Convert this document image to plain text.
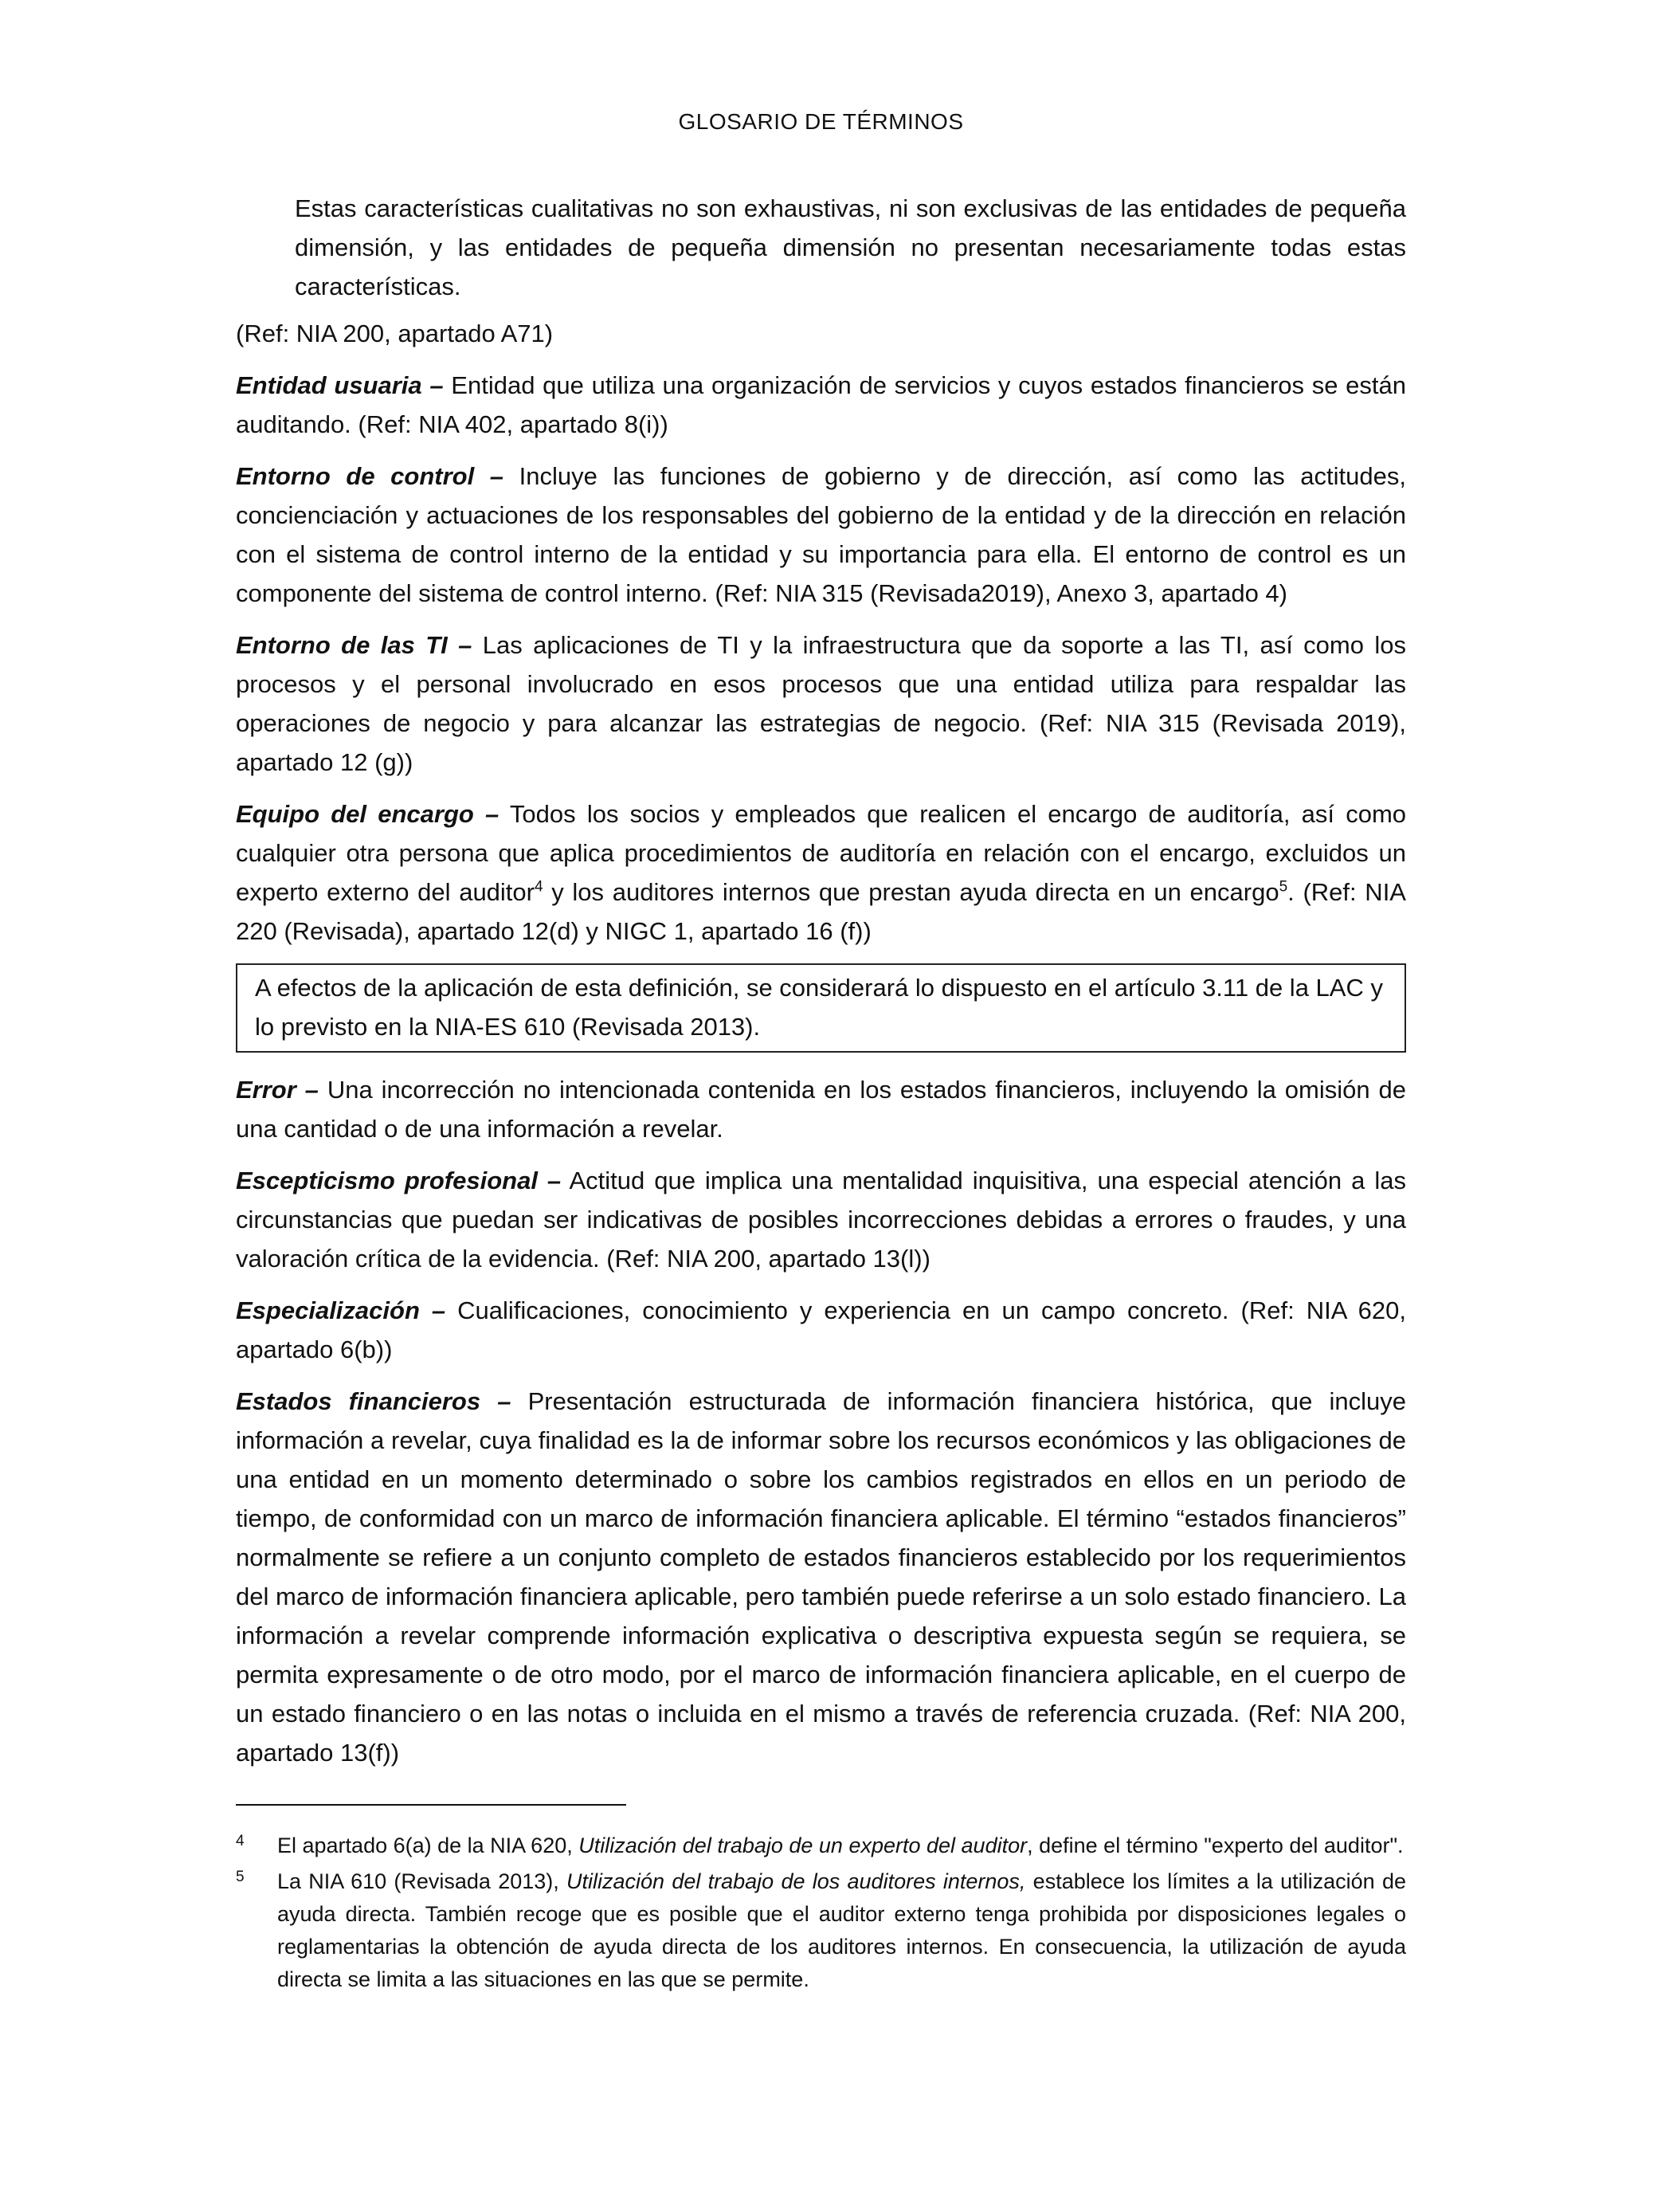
GLOSARIO DE TÉRMINOS

Estas características cualitativas no son exhaustivas, ni son exclusivas de las entidades de pequeña dimensión, y las entidades de pequeña dimensión no presentan necesariamente todas estas características.

(Ref: NIA 200, apartado A71)

Entidad usuaria – Entidad que utiliza una organización de servicios y cuyos estados financieros se están auditando. (Ref: NIA 402, apartado 8(i))

Entorno de control – Incluye las funciones de gobierno y de dirección, así como las actitudes, concienciación y actuaciones de los responsables del gobierno de la entidad y de la dirección en relación con el sistema de control interno de la entidad y su importancia para ella. El entorno de control es un componente del sistema de control interno. (Ref: NIA 315 (Revisada2019), Anexo 3, apartado 4)

Entorno de las TI – Las aplicaciones de TI y la infraestructura que da soporte a las TI, así como los procesos y el personal involucrado en esos procesos que una entidad utiliza para respaldar las operaciones de negocio y para alcanzar las estrategias de negocio. (Ref: NIA 315 (Revisada 2019), apartado 12 (g))

Equipo del encargo – Todos los socios y empleados que realicen el encargo de auditoría, así como cualquier otra persona que aplica procedimientos de auditoría en relación con el encargo, excluidos un experto externo del auditor$^4$ y los auditores internos que prestan ayuda directa en un encargo$^5$. (Ref: NIA 220 (Revisada), apartado 12(d) y NIGC 1, apartado 16 (f))

A efectos de la aplicación de esta definición, se considerará lo dispuesto en el artículo 3.11 de la LAC y lo previsto en la NIA-ES 610 (Revisada 2013).

Error – Una incorrección no intencionada contenida en los estados financieros, incluyendo la omisión de una cantidad o de una información a revelar.

Escepticismo profesional – Actitud que implica una mentalidad inquisitiva, una especial atención a las circunstancias que puedan ser indicativas de posibles incorrecciones debidas a errores o fraudes, y una valoración crítica de la evidencia. (Ref: NIA 200, apartado 13(l))

Especialización – Cualificaciones, conocimiento y experiencia en un campo concreto. (Ref: NIA 620, apartado 6(b))

Estados financieros – Presentación estructurada de información financiera histórica, que incluye información a revelar, cuya finalidad es la de informar sobre los recursos económicos y las obligaciones de una entidad en un momento determinado o sobre los cambios registrados en ellos en un periodo de tiempo, de conformidad con un marco de información financiera aplicable. El término “estados financieros” normalmente se refiere a un conjunto completo de estados financieros establecido por los requerimientos del marco de información financiera aplicable, pero también puede referirse a un solo estado financiero. La información a revelar comprende información explicativa o descriptiva expuesta según se requiera, se permita expresamente o de otro modo, por el marco de información financiera aplicable, en el cuerpo de un estado financiero o en las notas o incluida en el mismo a través de referencia cruzada. (Ref: NIA 200, apartado 13(f))

4	El apartado 6(a) de la NIA 620, Utilización del trabajo de un experto del auditor, define el término "experto del auditor".
5	La NIA 610 (Revisada 2013), Utilización del trabajo de los auditores internos, establece los límites a la utilización de ayuda directa. También recoge que es posible que el auditor externo tenga prohibida por disposiciones legales o reglamentarias la obtención de ayuda directa de los auditores internos. En consecuencia, la utilización de ayuda directa se limita a las situaciones en las que se permite.
